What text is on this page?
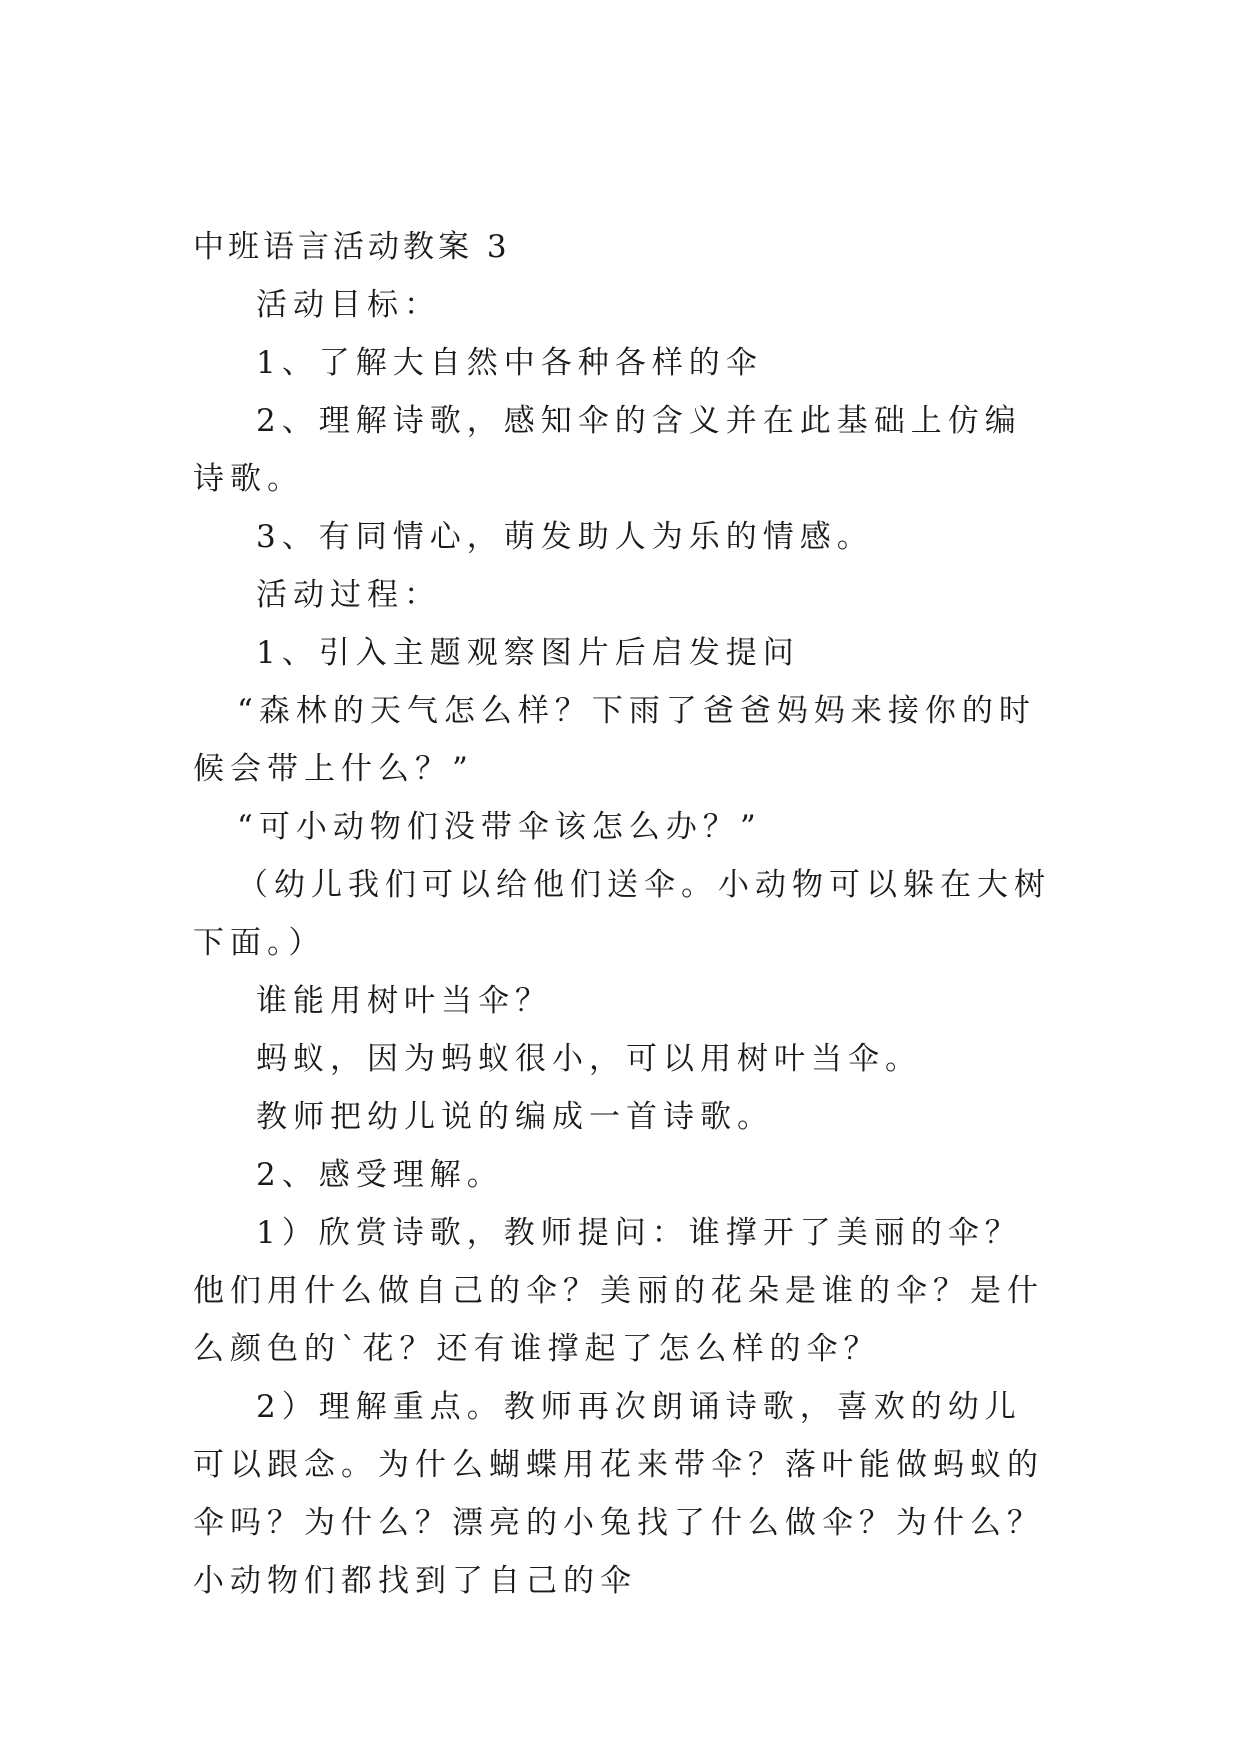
中班语言活动教案 3

活动目标：

1、了解大自然中各种各样的伞

2、理解诗歌，感知伞的含义并在此基础上仿编诗歌。

3、有同情心，萌发助人为乐的情感。

活动过程：

1、引入主题观察图片后启发提问

“森林的天气怎么样？下雨了爸爸妈妈来接你的时候会带上什么？”

“可小动物们没带伞该怎么办？”

（幼儿我们可以给他们送伞。小动物可以躲在大树下面。）

谁能用树叶当伞？

蚂蚁，因为蚂蚁很小，可以用树叶当伞。

教师把幼儿说的编成一首诗歌。

2、感受理解。

1）欣赏诗歌，教师提问：谁撑开了美丽的伞？他们用什么做自己的伞？美丽的花朵是谁的伞？是什么颜色的`花？还有谁撑起了怎么样的伞？

2）理解重点。教师再次朗诵诗歌，喜欢的幼儿可以跟念。为什么蝴蝶用花来带伞？落叶能做蚂蚁的伞吗？为什么？漂亮的小兔找了什么做伞？为什么？小动物们都找到了自己的伞
